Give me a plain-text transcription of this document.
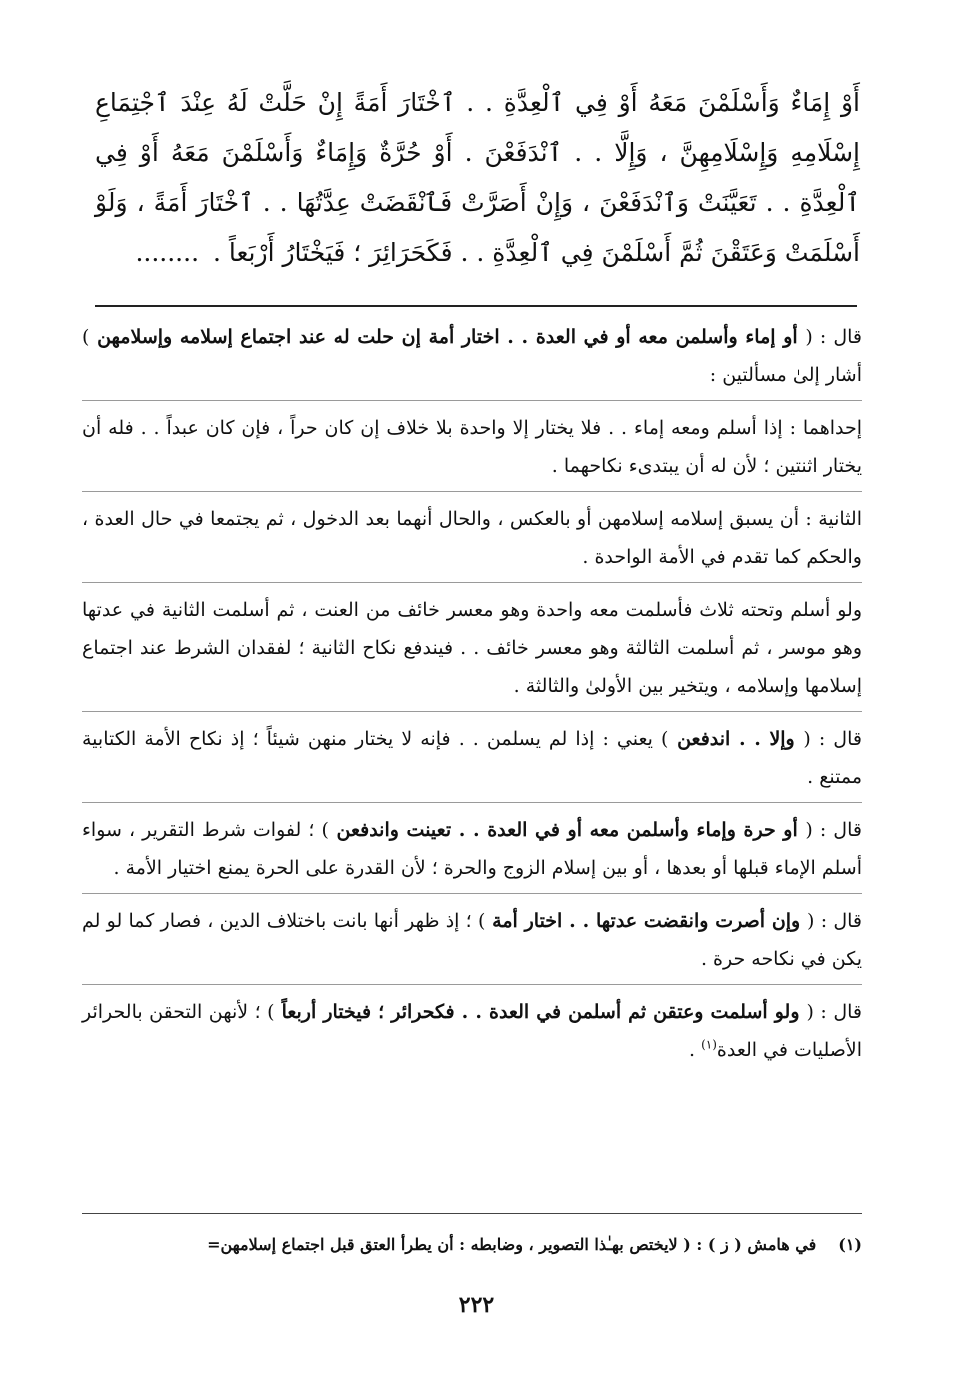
أَوْ إِمَاءٌ وَأَسْلَمْنَ مَعَهُ أَوْ فِي ٱلْعِدَّةِ . . ٱخْتَارَ أَمَةً إِنْ حَلَّتْ لَهُ عِنْدَ ٱجْتِمَاعِ إِسْلَامِهِ وَإِسْلَامِهِنَّ ، وَإِلَّا . . ٱنْدَفَعْنَ . أَوْ حُرَّةٌ وَإِمَاءٌ وَأَسْلَمْنَ مَعَهُ أَوْ فِي ٱلْعِدَّةِ . . تَعَيَّنَتْ وَٱنْدَفَعْنَ ، وَإِنْ أَصَرَّتْ فَٱنْقَضَتْ عِدَّتُهَا . . ٱخْتَارَ أَمَةً ، وَلَوْ أَسْلَمَتْ وَعَتَقْنَ ثُمَّ أَسْلَمْنَ فِي ٱلْعِدَّةِ . . فَكَحَرَائِرَ ؛ فَيَخْتَارُ أَرْبَعاً . ........

قال : ( أو إماء وأسلمن معه أو في العدة . . اختار أمة إن حلت له عند اجتماع إسلامه وإسلامهن ) أشار إلىٰ مسألتين :

إحداهما : إذا أسلم ومعه إماء . . فلا يختار إلا واحدة بلا خلاف إن كان حراً ، فإن كان عبداً . . فله أن يختار اثنتين ؛ لأن له أن يبتدىء نكاحهما .

الثانية : أن يسبق إسلامه إسلامهن أو بالعكس ، والحال أنهما بعد الدخول ، ثم يجتمعا في حال العدة ، والحكم كما تقدم في الأمة الواحدة .

ولو أسلم وتحته ثلاث فأسلمت معه واحدة وهو معسر خائف من العنت ، ثم أسلمت الثانية في عدتها وهو موسر ، ثم أسلمت الثالثة وهو معسر خائف . . فيندفع نكاح الثانية ؛ لفقدان الشرط عند اجتماع إسلامها وإسلامه ، ويتخير بين الأولىٰ والثالثة .

قال : ( وإلا . . اندفعن ) يعني : إذا لم يسلمن . . فإنه لا يختار منهن شيئاً ؛ إذ نكاح الأمة الكتابية ممتنع .

قال : ( أو حرة وإماء وأسلمن معه أو في العدة . . تعينت واندفعن ) ؛ لفوات شرط التقرير ، سواء أسلم الإماء قبلها أو بعدها ، أو بين إسلام الزوج والحرة ؛ لأن القدرة على الحرة يمنع اختيار الأمة .

قال : ( وإن أصرت وانقضت عدتها . . اختار أمة ) ؛ إذ ظهر أنها بانت باختلاف الدين ، فصار كما لو لم يكن في نكاحه حرة .

قال : ( ولو أسلمت وعتقن ثم أسلمن في العدة . . فكحرائر ؛ فيختار أربعاً ) ؛ لأنهن التحقن بالحرائر الأصليات في العدة$^{(١)}$ .

(١)في هامش ( ز ) : ( لايختص بهـٰذا التصوير ، وضابطه : أن يطرأ العتق قبل اجتماع إسلامهن=
٢٢٢
